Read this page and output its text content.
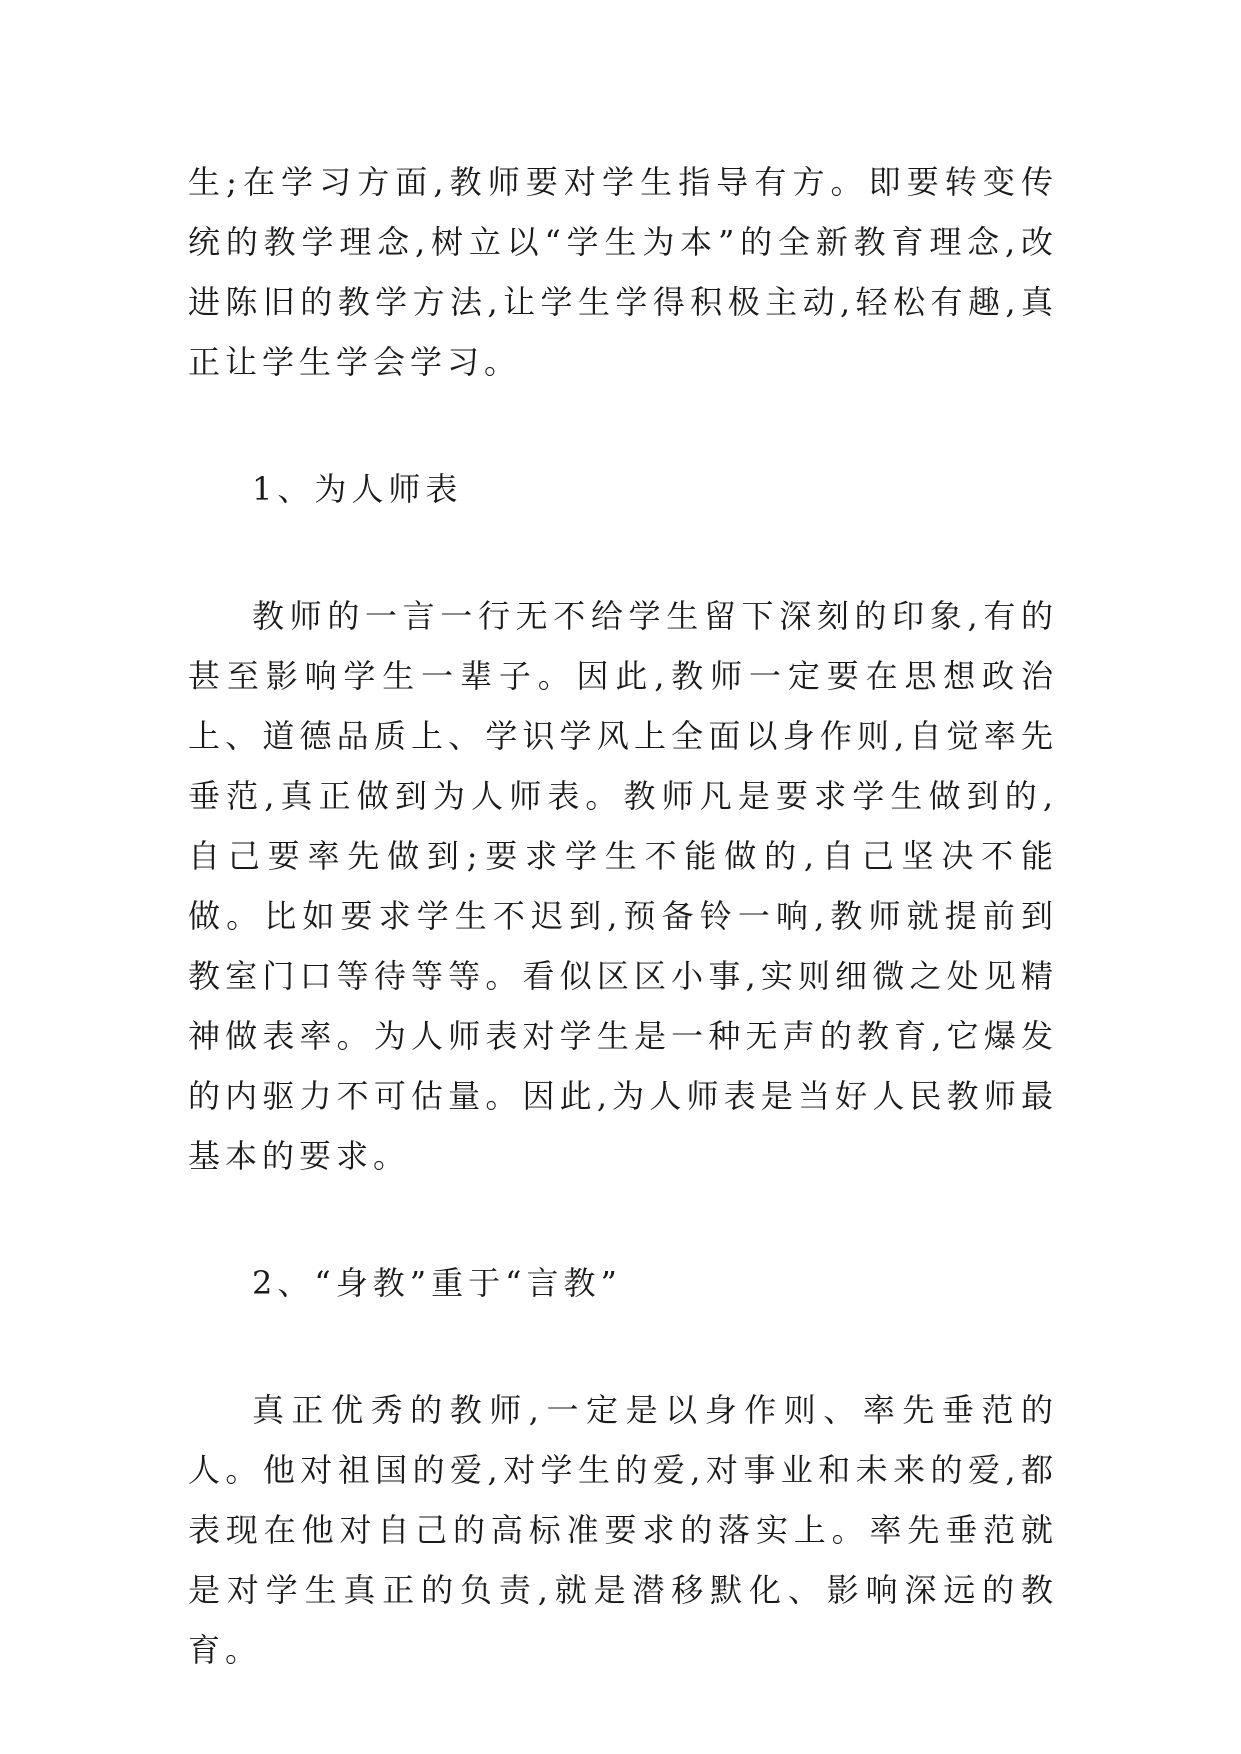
生;在学习方面,教师要对学生指导有方。即要转变传统的教学理念,树立以“学生为本”的全新教育理念,改进陈旧的教学方法,让学生学得积极主动,轻松有趣,真正让学生学会学习。

1、为人师表

教师的一言一行无不给学生留下深刻的印象,有的甚至影响学生一辈子。因此,教师一定要在思想政治上、道德品质上、学识学风上全面以身作则,自觉率先垂范,真正做到为人师表。教师凡是要求学生做到的,自己要率先做到;要求学生不能做的,自己坚决不能做。比如要求学生不迟到,预备铃一响,教师就提前到教室门口等待等等。看似区区小事,实则细微之处见精神做表率。为人师表对学生是一种无声的教育,它爆发的内驱力不可估量。因此,为人师表是当好人民教师最基本的要求。

2、“身教”重于“言教”

真正优秀的教师,一定是以身作则、率先垂范的人。他对祖国的爱,对学生的爱,对事业和未来的爱,都表现在他对自己的高标准要求的落实上。率先垂范就是对学生真正的负责,就是潜移默化、影响深远的教育。
